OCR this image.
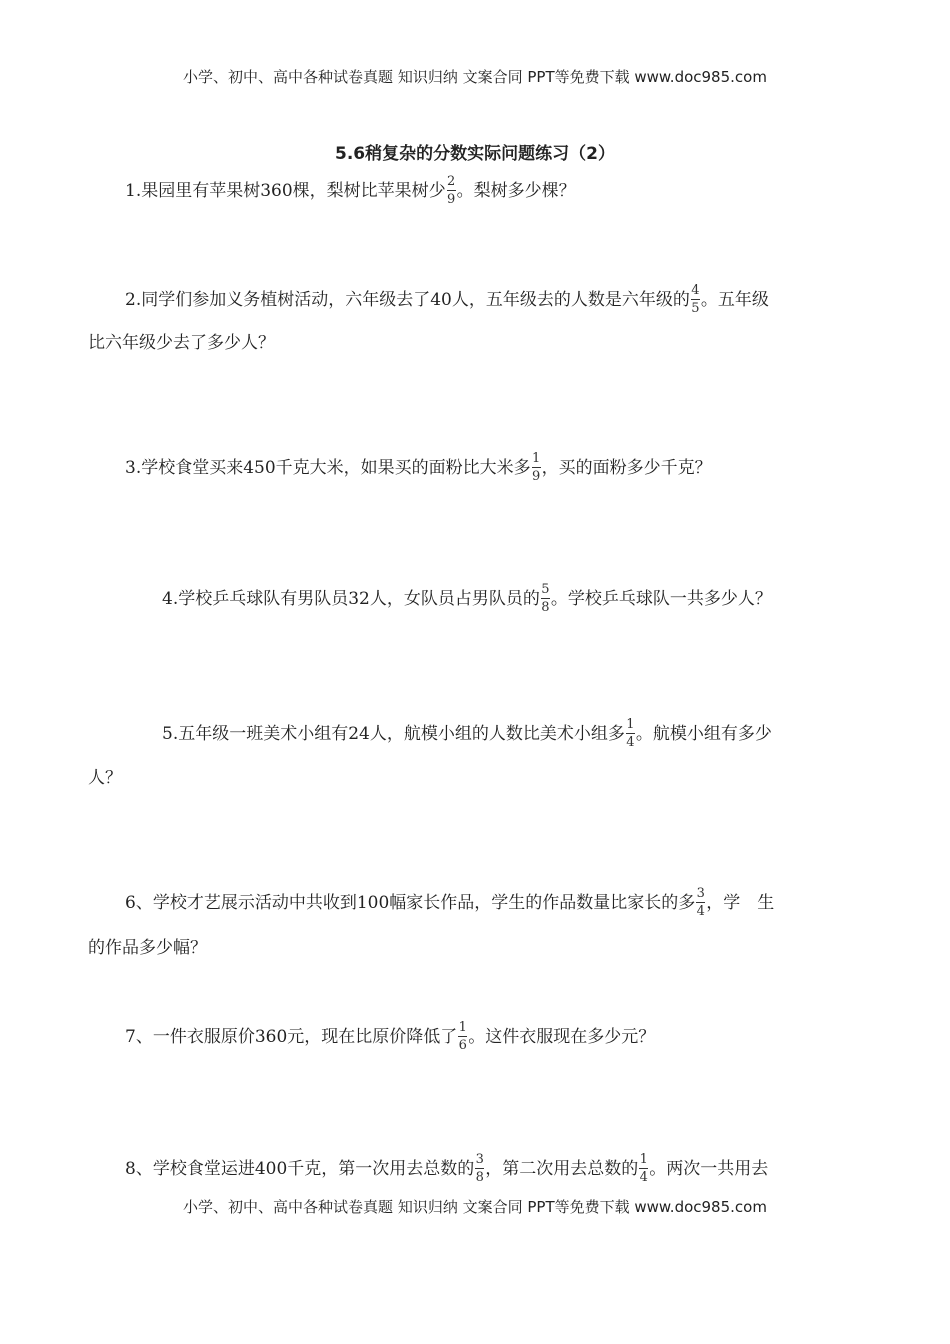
小学、初中、高中各种试卷真题 知识归纳 文案合同 PPT等免费下载 www.doc985.com
5.6稍复杂的分数实际问题练习（2）
1.果园里有苹果树360棵，梨树比苹果树少 $\frac{2}{9}$ 。梨树多少棵？
2.同学们参加义务植树活动，六年级去了40人，五年级去的人数是六年级的 $\frac{4}{5}$ 。五年级
比六年级少去了多少人？
3.学校食堂买来450千克大米，如果买的面粉比大米多 $\frac{1}{9}$ ，买的面粉多少千克？
4.学校乒乓球队有男队员32人，女队员占男队员的 $\frac{5}{8}$ 。学校乒乓球队一共多少人？
5.五年级一班美术小组有24人，航模小组的人数比美术小组多 $\frac{1}{4}$ 。航模小组有多少
人？
6、学校才艺展示活动中共收到100幅家长作品，学生的作品数量比家长的多 $\frac{3}{4}$ ，学　生
的作品多少幅？
7、一件衣服原价360元，现在比原价降低了 $\frac{1}{6}$ 。这件衣服现在多少元？
8、学校食堂运进400千克，第一次用去总数的 $\frac{3}{8}$ ，第二次用去总数的 $\frac{1}{4}$ 。两次一共用去
小学、初中、高中各种试卷真题 知识归纳 文案合同 PPT等免费下载 www.doc985.com
